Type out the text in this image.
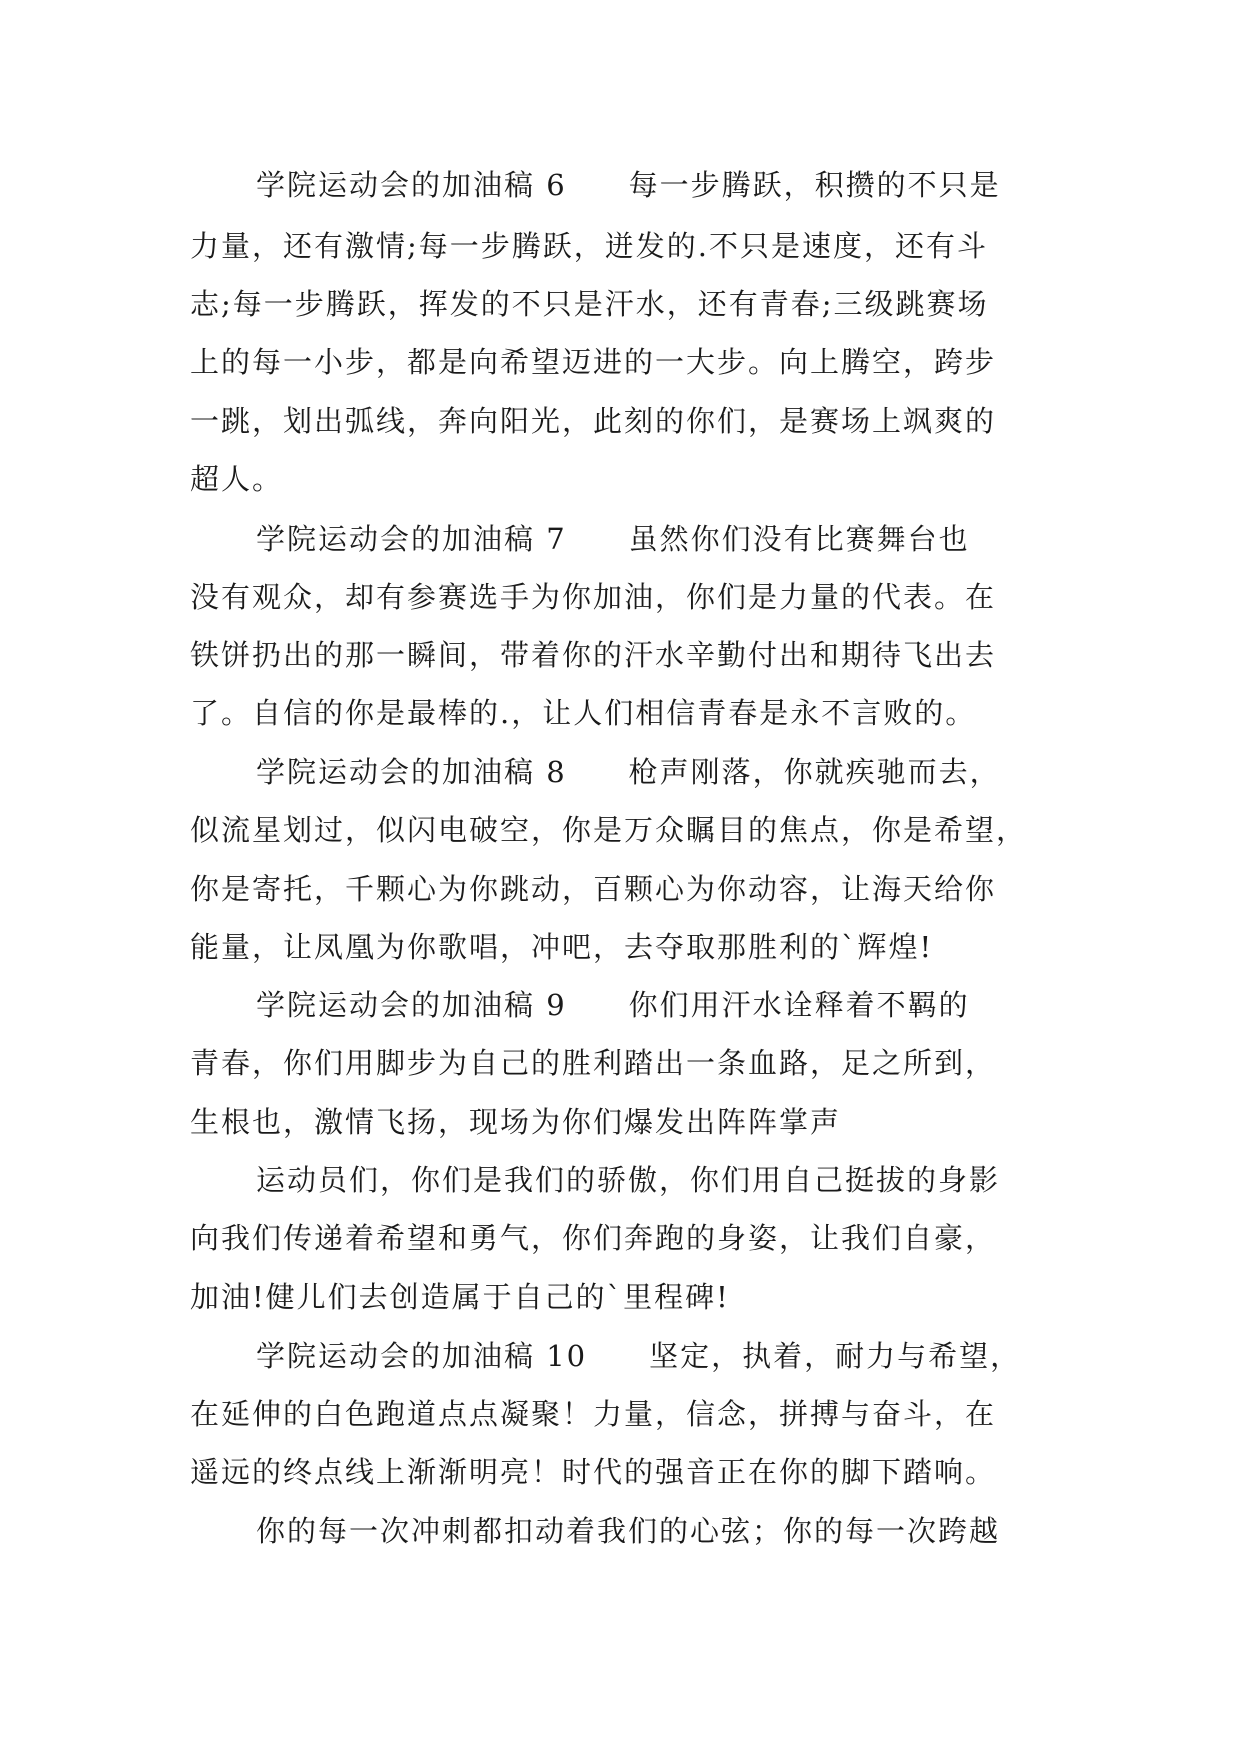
学院运动会的加油稿 6　　每一步腾跃，积攒的不只是
力量，还有激情;每一步腾跃，迸发的.不只是速度，还有斗
志;每一步腾跃，挥发的不只是汗水，还有青春;三级跳赛场
上的每一小步，都是向希望迈进的一大步。向上腾空，跨步
一跳，划出弧线，奔向阳光，此刻的你们，是赛场上飒爽的
超人。
学院运动会的加油稿 7　　虽然你们没有比赛舞台也
没有观众，却有参赛选手为你加油，你们是力量的代表。在
铁饼扔出的那一瞬间，带着你的汗水辛勤付出和期待飞出去
了。自信的你是最棒的.，让人们相信青春是永不言败的。
学院运动会的加油稿 8　　枪声刚落，你就疾驰而去，
似流星划过，似闪电破空，你是万众瞩目的焦点，你是希望，
你是寄托，千颗心为你跳动，百颗心为你动容，让海天给你
能量，让凤凰为你歌唱，冲吧，去夺取那胜利的`辉煌!
学院运动会的加油稿 9　　你们用汗水诠释着不羁的
青春，你们用脚步为自己的胜利踏出一条血路，足之所到，
生根也，激情飞扬，现场为你们爆发出阵阵掌声
运动员们，你们是我们的骄傲，你们用自己挺拔的身影
向我们传递着希望和勇气，你们奔跑的身姿，让我们自豪，
加油!健儿们去创造属于自己的`里程碑!
学院运动会的加油稿 10　　坚定，执着，耐力与希望，
在延伸的白色跑道点点凝聚！力量，信念，拼搏与奋斗，在
遥远的终点线上渐渐明亮！时代的强音正在你的脚下踏响。
你的每一次冲刺都扣动着我们的心弦；你的每一次跨越
